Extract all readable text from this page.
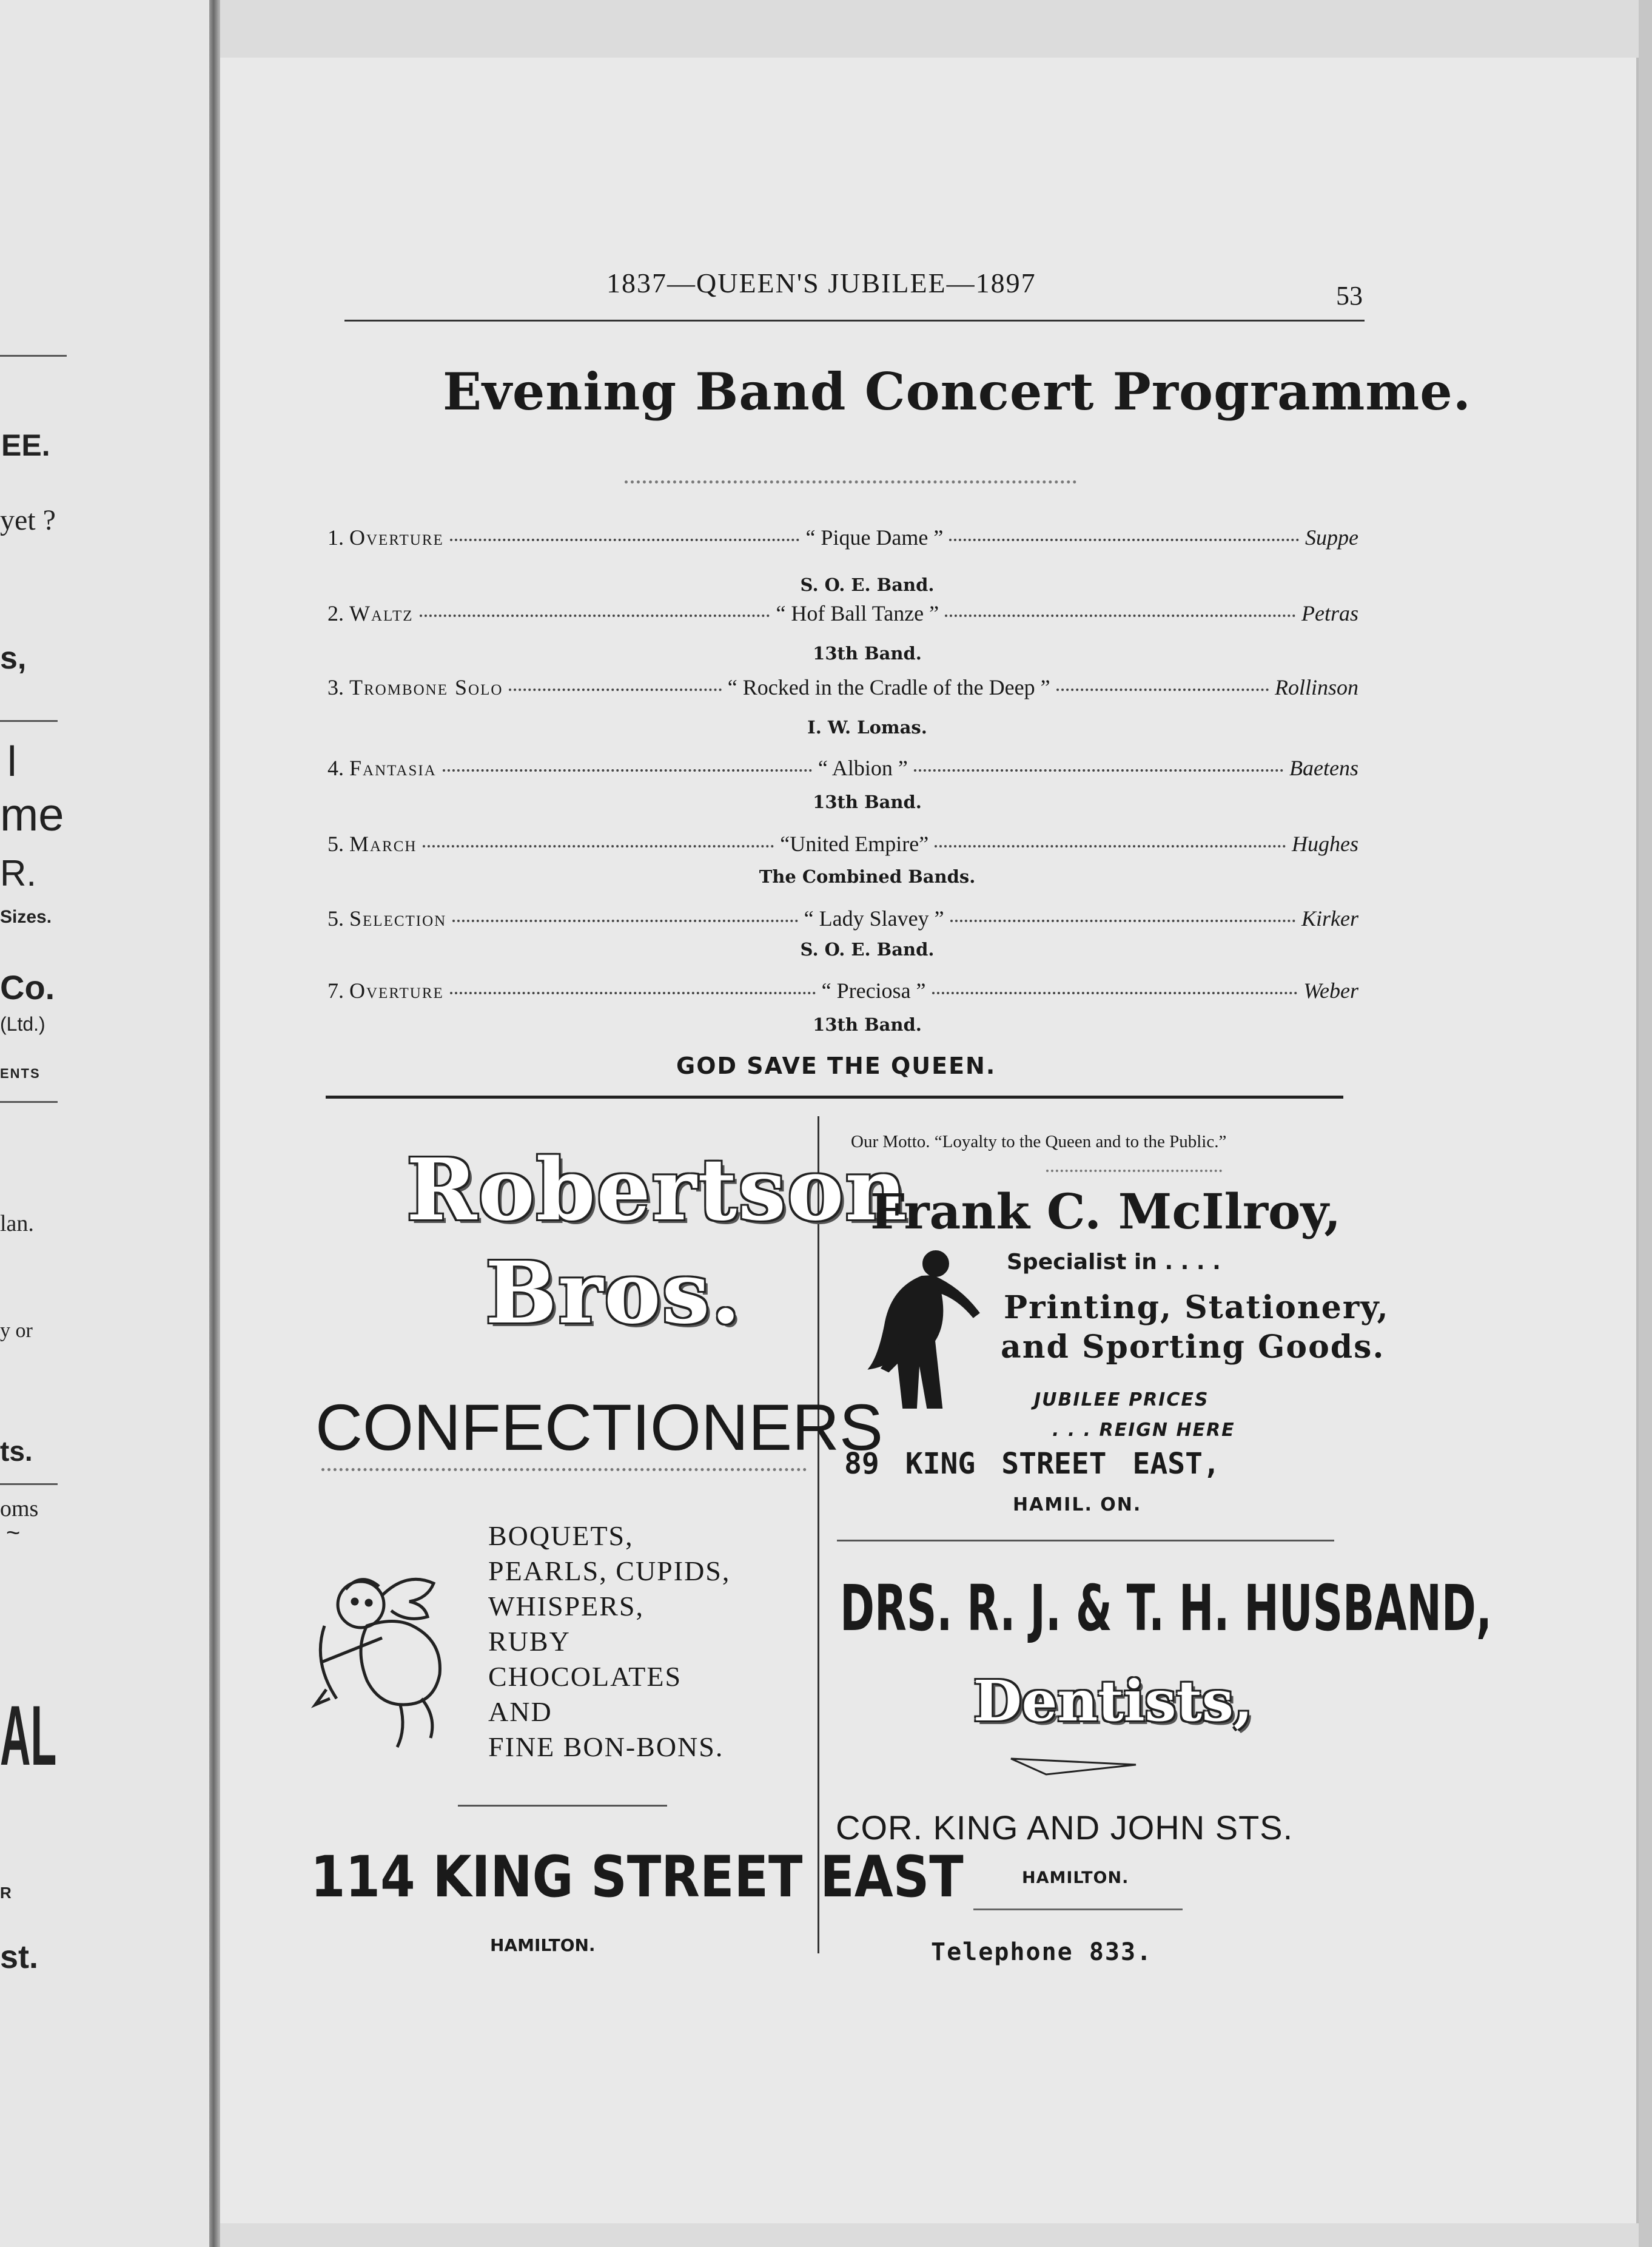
EE.
yet ?
s,
l
me
R.
Sizes.
Co.
(Ltd.)
ENTS
lan.
y or
ts.
oms
~
AL
R
st.
1837—QUEEN'S JUBILEE—1897	53
Evening Band Concert Programme.
1. Overture	“ Pique Dame ”	Suppe
S. O. E. Band.
2. Waltz	“ Hof Ball Tanze ”	Petras
13th Band.
3. Trombone Solo	“ Rocked in the Cradle of the Deep ”	Rollinson
I. W. Lomas.
4. Fantasia	“ Albion ”	Baetens
13th Band.
5. March	“United Empire”	Hughes
The Combined Bands.
5. Selection	“ Lady Slavey ”	Kirker
S. O. E. Band.
7. Overture	“ Preciosa ”	Weber
13th Band.
GOD SAVE THE QUEEN.
Robertson
Bros.
CONFECTIONERS
BOQUETS,
PEARLS, CUPIDS,
WHISPERS,
RUBY
CHOCOLATES
AND
FINE BON-BONS.
114 KING STREET EAST
HAMILTON.
Our Motto. “Loyalty to the Queen and to the Public.”
Frank C. McIlroy,
Specialist in . . . .
Printing, Stationery,
and Sporting Goods.
JUBILEE PRICES
. . . REIGN HERE
89 KING STREET EAST,
HAMIL. ON.
DRS. R. J. & T. H. HUSBAND,
Dentists,
COR. KING AND JOHN STS.
HAMILTON.
Telephone 833.
